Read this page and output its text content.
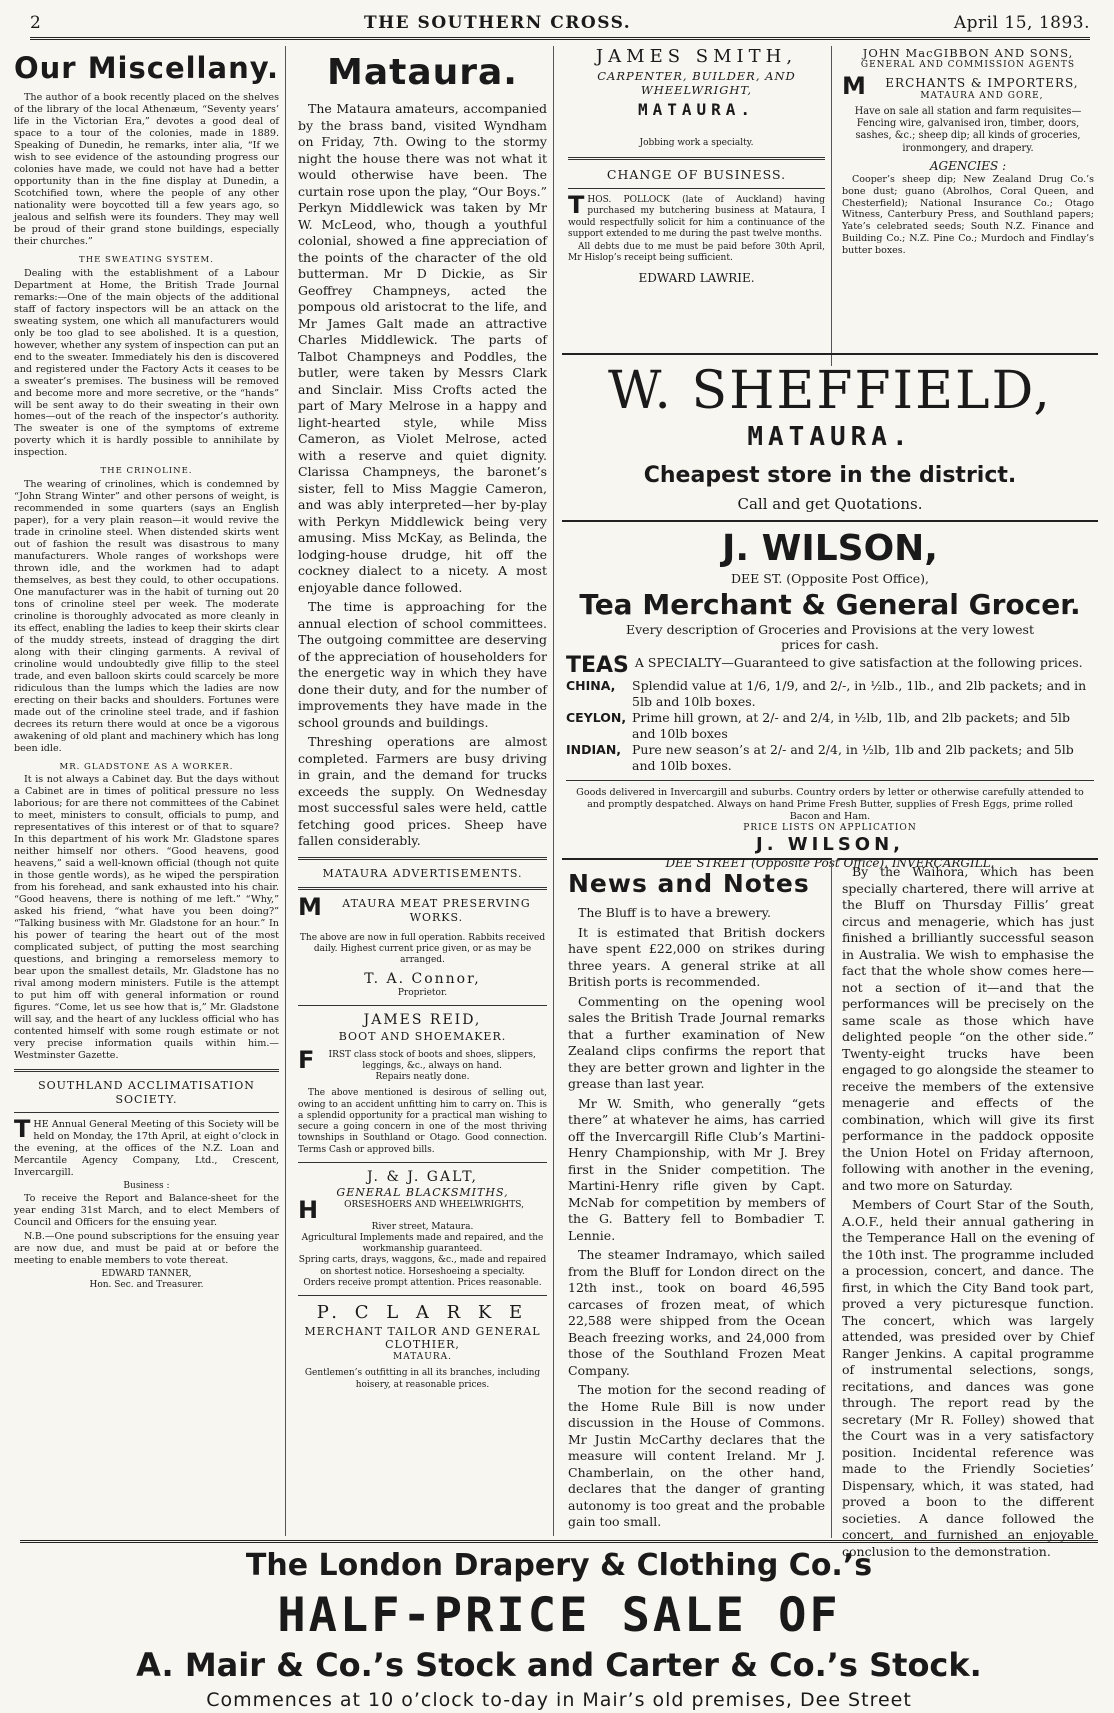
2	THE SOUTHERN CROSS.	April 15, 1893.
Our Miscellany.

The author of a book recently placed on the shelves of the library of the local Athenæum, “Seventy years’ life in the Victorian Era,” devotes a good deal of space to a tour of the colonies, made in 1889. Speaking of Dunedin, he remarks, inter alia, “If we wish to see evidence of the astounding progress our colonies have made, we could not have had a better opportunity than in the fine display at Dunedin, a Scotchified town, where the people of any other nationality were boycotted till a few years ago, so jealous and selfish were its founders. They may well be proud of their grand stone buildings, especially their churches.”

THE SWEATING SYSTEM.

Dealing with the establishment of a Labour Department at Home, the British Trade Journal remarks:—One of the main objects of the additional staff of factory inspectors will be an attack on the sweating system, one which all manufacturers would only be too glad to see abolished. It is a question, however, whether any system of inspection can put an end to the sweater. Immediately his den is discovered and registered under the Factory Acts it ceases to be a sweater’s premises. The business will be removed and become more and more secretive, or the “hands” will be sent away to do their sweating in their own homes—out of the reach of the inspector’s authority. The sweater is one of the symptoms of extreme poverty which it is hardly possible to annihilate by inspection.

THE CRINOLINE.

The wearing of crinolines, which is condemned by “John Strang Winter” and other persons of weight, is recommended in some quarters (says an English paper), for a very plain reason—it would revive the trade in crinoline steel. When distended skirts went out of fashion the result was disastrous to many manufacturers. Whole ranges of workshops were thrown idle, and the workmen had to adapt themselves, as best they could, to other occupations. One manufacturer was in the habit of turning out 20 tons of crinoline steel per week. The moderate crinoline is thoroughly advocated as more cleanly in its effect, enabling the ladies to keep their skirts clear of the muddy streets, instead of dragging the dirt along with their clinging garments. A revival of crinoline would undoubtedly give fillip to the steel trade, and even balloon skirts could scarcely be more ridiculous than the lumps which the ladies are now erecting on their backs and shoulders. Fortunes were made out of the crinoline steel trade, and if fashion decrees its return there would at once be a vigorous awakening of old plant and machinery which has long been idle.

MR. GLADSTONE AS A WORKER.

It is not always a Cabinet day. But the days without a Cabinet are in times of political pressure no less laborious; for are there not committees of the Cabinet to meet, ministers to consult, officials to pump, and representatives of this interest or of that to square? In this department of his work Mr. Gladstone spares neither himself nor others. “Good heavens, good heavens,” said a well-known official (though not quite in those gentle words), as he wiped the perspiration from his forehead, and sank exhausted into his chair. “Good heavens, there is nothing of me left.” “Why,” asked his friend, “what have you been doing?” “Talking business with Mr. Gladstone for an hour.” In his power of tearing the heart out of the most complicated subject, of putting the most searching questions, and bringing a remorseless memory to bear upon the smallest details, Mr. Gladstone has no rival among modern ministers. Futile is the attempt to put him off with general information or round figures. “Come, let us see how that is,” Mr. Gladstone will say, and the heart of any luckless official who has contented himself with some rough estimate or not very precise information quails within him.—Westminster Gazette.

SOUTHLAND ACCLIMATISATION SOCIETY.

THE Annual General Meeting of this Society will be held on Monday, the 17th April, at eight o’clock in the evening, at the offices of the N.Z. Loan and Mercantile Agency Company, Ltd., Crescent, Invercargill.

Business :

To receive the Report and Balance-sheet for the year ending 31st March, and to elect Members of Council and Officers for the ensuing year.

N.B.—One pound subscriptions for the ensuing year are now due, and must be paid at or before the meeting to enable members to vote thereat.

EDWARD TANNER,
Hon. Sec. and Treasurer.
Mataura.

The Mataura amateurs, accompanied by the brass band, visited Wyndham on Friday, 7th. Owing to the stormy night the house there was not what it would otherwise have been. The curtain rose upon the play, “Our Boys.” Perkyn Middlewick was taken by Mr W. McLeod, who, though a youthful colonial, showed a fine appreciation of the points of the character of the old butterman. Mr D Dickie, as Sir Geoffrey Champneys, acted the pompous old aristocrat to the life, and Mr James Galt made an attractive Charles Middlewick. The parts of Talbot Champneys and Poddles, the butler, were taken by Messrs Clark and Sinclair. Miss Crofts acted the part of Mary Melrose in a happy and light-hearted style, while Miss Cameron, as Violet Melrose, acted with a reserve and quiet dignity. Clarissa Champneys, the baronet’s sister, fell to Miss Maggie Cameron, and was ably interpreted—her by-play with Perkyn Middlewick being very amusing. Miss McKay, as Belinda, the lodging-house drudge, hit off the cockney dialect to a nicety. A most enjoyable dance followed.

The time is approaching for the annual election of school committees. The outgoing committee are deserving of the appreciation of householders for the energetic way in which they have done their duty, and for the number of improvements they have made in the school grounds and buildings.

Threshing operations are almost completed. Farmers are busy driving in grain, and the demand for trucks exceeds the supply. On Wednesday most successful sales were held, cattle fetching good prices. Sheep have fallen considerably.

MATAURA ADVERTISEMENTS.
M ATAURA MEAT PRESERVING WORKS.

The above are now in full operation. Rabbits received daily. Highest current price given, or as may be arranged.

T. A. Connor,
Proprietor.
JAMES REID,
BOOT AND SHOEMAKER.

F IRST class stock of boots and shoes, slippers, leggings, &c., always on hand.

Repairs neatly done.

The above mentioned is desirous of selling out, owing to an accident unfitting him to carry on. This is a splendid opportunity for a practical man wishing to secure a going concern in one of the most thriving townships in Southland or Otago. Good connection. Terms Cash or approved bills.

J. & J. GALT,
GENERAL BLACKSMITHS,
H	ORSESHOERS AND WHEELWRIGHTS,
River street, Mataura.

Agricultural Implements made and repaired, and the workmanship guaranteed.

Spring carts, drays, waggons, &c., made and repaired on shortest notice. Horseshoeing a specialty.

Orders receive prompt attention. Prices reasonable.

P. C L A R K E
MERCHANT TAILOR AND GENERAL CLOTHIER,
MATAURA.

Gentlemen’s outfitting in all its branches, including hoisery, at reasonable prices.

JAMES SMITH,
CARPENTER, BUILDER, AND WHEELWRIGHT,
MATAURA.
Jobbing work a specialty.
CHANGE OF BUSINESS.

THOS. POLLOCK (late of Auckland) having purchased my butchering business at Mataura, I would respectfully solicit for him a continuance of the support extended to me during the past twelve months.

All debts due to me must be paid before 30th April, Mr Hislop’s receipt being sufficient.

EDWARD LAWRIE.
JOHN MacGIBBON AND SONS,
GENERAL AND COMMISSION AGENTS
M ERCHANTS & IMPORTERS,
MATAURA AND GORE,

Have on sale all station and farm requisites—Fencing wire, galvanised iron, timber, doors, sashes, &c.; sheep dip; all kinds of groceries, ironmongery, and drapery.

AGENCIES :

Cooper’s sheep dip; New Zealand Drug Co.’s bone dust; guano (Abrolhos, Coral Queen, and Chesterfield); National Insurance Co.; Otago Witness, Canterbury Press, and Southland papers; Yate’s celebrated seeds; South N.Z. Finance and Building Co.; N.Z. Pine Co.; Murdoch and Findlay’s butter boxes.

W. SHEFFIELD,
MATAURA.
Cheapest store in the district.
Call and get Quotations.
J. WILSON,
DEE ST. (Opposite Post Office),
Tea Merchant & General Grocer.
Every description of Groceries and Provisions at the very lowest prices for cash.
TEAS A SPECIALTY—Guaranteed to give satisfaction at the following prices.
CHINA,	Splendid value at 1/6, 1/9, and 2/-, in ½lb., 1lb., and 2lb packets; and in 5lb and 10lb boxes.
CEYLON, Prime hill grown, at 2/- and 2/4, in ½lb, 1lb, and 2lb packets; and 5lb and 10lb boxes
INDIAN, Pure new season’s at 2/- and 2/4, in ½lb, 1lb and 2lb packets; and 5lb and 10lb boxes.
Goods delivered in Invercargill and suburbs. Country orders by letter or otherwise carefully attended to and promptly despatched. Always on hand Prime Fresh Butter, supplies of Fresh Eggs, prime rolled Bacon and Ham.
PRICE LISTS ON APPLICATION
J. WILSON,
DEE STREET (Opposite Post Office), INVERCARGILL.
News and Notes

The Bluff is to have a brewery.

It is estimated that British dockers have spent £22,000 on strikes during three years. A general strike at all British ports is recommended.

Commenting on the opening wool sales the British Trade Journal remarks that a further examination of New Zealand clips confirms the report that they are better grown and lighter in the grease than last year.

Mr W. Smith, who generally “gets there” at whatever he aims, has carried off the Invercargill Rifle Club’s Martini-Henry Championship, with Mr J. Brey first in the Snider competition. The Martini-Henry rifle given by Capt. McNab for competition by members of the G. Battery fell to Bombadier T. Lennie.

The steamer Indramayo, which sailed from the Bluff for London direct on the 12th inst., took on board 46,595 carcases of frozen meat, of which 22,588 were shipped from the Ocean Beach freezing works, and 24,000 from those of the Southland Frozen Meat Company.

The motion for the second reading of the Home Rule Bill is now under discussion in the House of Commons. Mr Justin McCarthy declares that the measure will content Ireland. Mr J. Chamberlain, on the other hand, declares that the danger of granting autonomy is too great and the probable gain too small.

By the Waihora, which has been specially chartered, there will arrive at the Bluff on Thursday Fillis’ great circus and menagerie, which has just finished a brilliantly successful season in Australia. We wish to emphasise the fact that the whole show comes here—not a section of it—and that the performances will be precisely on the same scale as those which have delighted people “on the other side.” Twenty-eight trucks have been engaged to go alongside the steamer to receive the members of the extensive menagerie and effects of the combination, which will give its first performance in the paddock opposite the Union Hotel on Friday afternoon, following with another in the evening, and two more on Saturday.

Members of Court Star of the South, A.O.F., held their annual gathering in the Temperance Hall on the evening of the 10th inst. The programme included a procession, concert, and dance. The first, in which the City Band took part, proved a very picturesque function. The concert, which was largely attended, was presided over by Chief Ranger Jenkins. A capital programme of instrumental selections, songs, recitations, and dances was gone through. The report read by the secretary (Mr R. Folley) showed that the Court was in a very satisfactory position. Incidental reference was made to the Friendly Societies’ Dispensary, which, it was stated, had proved a boon to the different societies. A dance followed the concert, and furnished an enjoyable conclusion to the demonstration.

The London Drapery & Clothing Co.’s
HALF-PRICE SALE OF
A. Mair & Co.’s Stock and Carter & Co.’s Stock.
Commences at 10 o’clock to-day in Mair’s old premises, Dee Street
